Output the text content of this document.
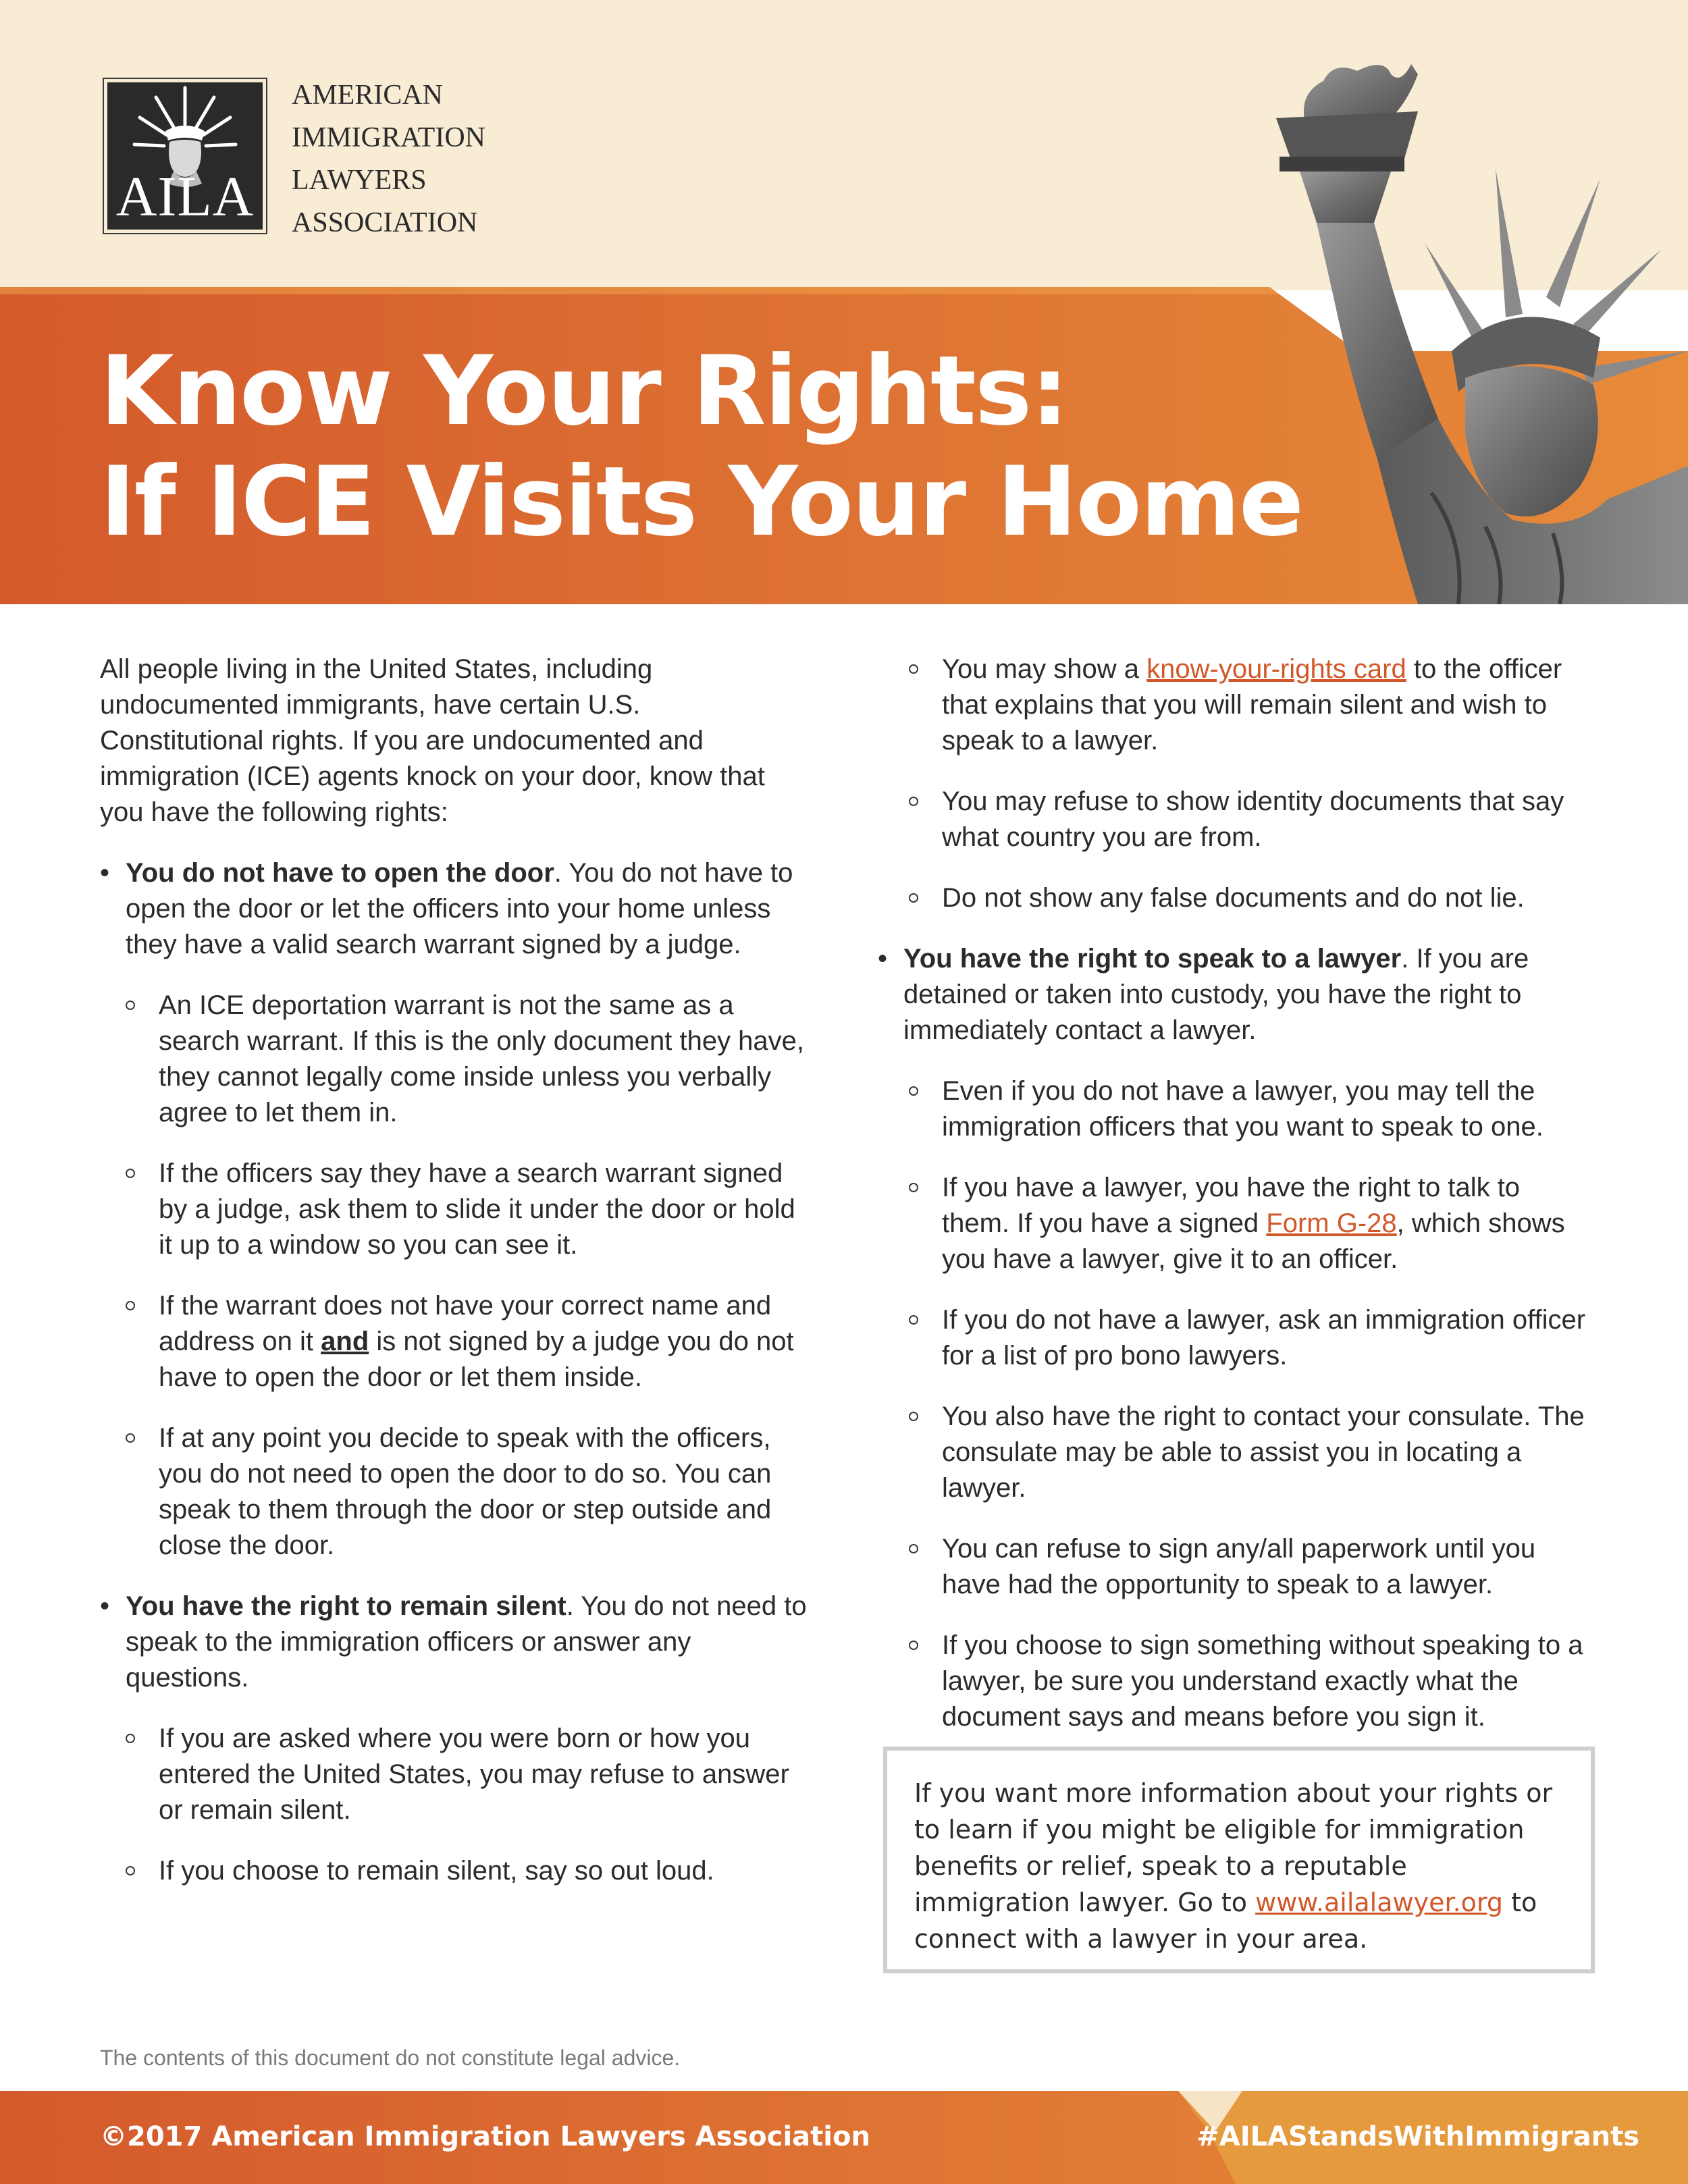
AILA
AMERICAN
IMMIGRATION
LAWYERS
ASSOCIATION
Know Your Rights:
If ICE Visits Your Home

All people living in the United States, including undocumented immigrants, have certain U.S. Constitutional rights. If you are undocumented and immigration (ICE) agents knock on your door, know that you have the following rights:

• You do not have to open the door. You do not have to open the door or let the officers into your home unless they have a valid search warrant signed by a judge.

An ICE deportation warrant is not the same as a search warrant. If this is the only document they have, they cannot legally come inside unless you verbally agree to let them in.

If the officers say they have a search warrant signed by a judge, ask them to slide it under the door or hold it up to a window so you can see it.

If the warrant does not have your correct name and address on it and is not signed by a judge you do not have to open the door or let them inside.

If at any point you decide to speak with the officers, you do not need to open the door to do so. You can speak to them through the door or step outside and close the door.

• You have the right to remain silent. You do not need to speak to the immigration officers or answer any questions.

If you are asked where you were born or how you entered the United States, you may refuse to answer or remain silent.

If you choose to remain silent, say so out loud.

You may show a know-your-rights card to the officer that explains that you will remain silent and wish to speak to a lawyer.

You may refuse to show identity documents that say what country you are from.

Do not show any false documents and do not lie.

• You have the right to speak to a lawyer. If you are detained or taken into custody, you have the right to immediately contact a lawyer.

Even if you do not have a lawyer, you may tell the immigration officers that you want to speak to one.

If you have a lawyer, you have the right to talk to them. If you have a signed Form G-28, which shows you have a lawyer, give it to an officer.

If you do not have a lawyer, ask an immigration officer for a list of pro bono lawyers.

You also have the right to contact your consulate. The consulate may be able to assist you in locating a lawyer.

You can refuse to sign any/all paperwork until you have had the opportunity to speak to a lawyer.

If you choose to sign something without speaking to a lawyer, be sure you understand exactly what the document says and means before you sign it.

If you want more information about your rights or to learn if you might be eligible for immigration benefits or relief, speak to a reputable immigration lawyer. Go to www.ailalawyer.org to connect with a lawyer in your area.
The contents of this document do not constitute legal advice.
©2017 American Immigration Lawyers Association	#AILAStandsWithImmigrants
